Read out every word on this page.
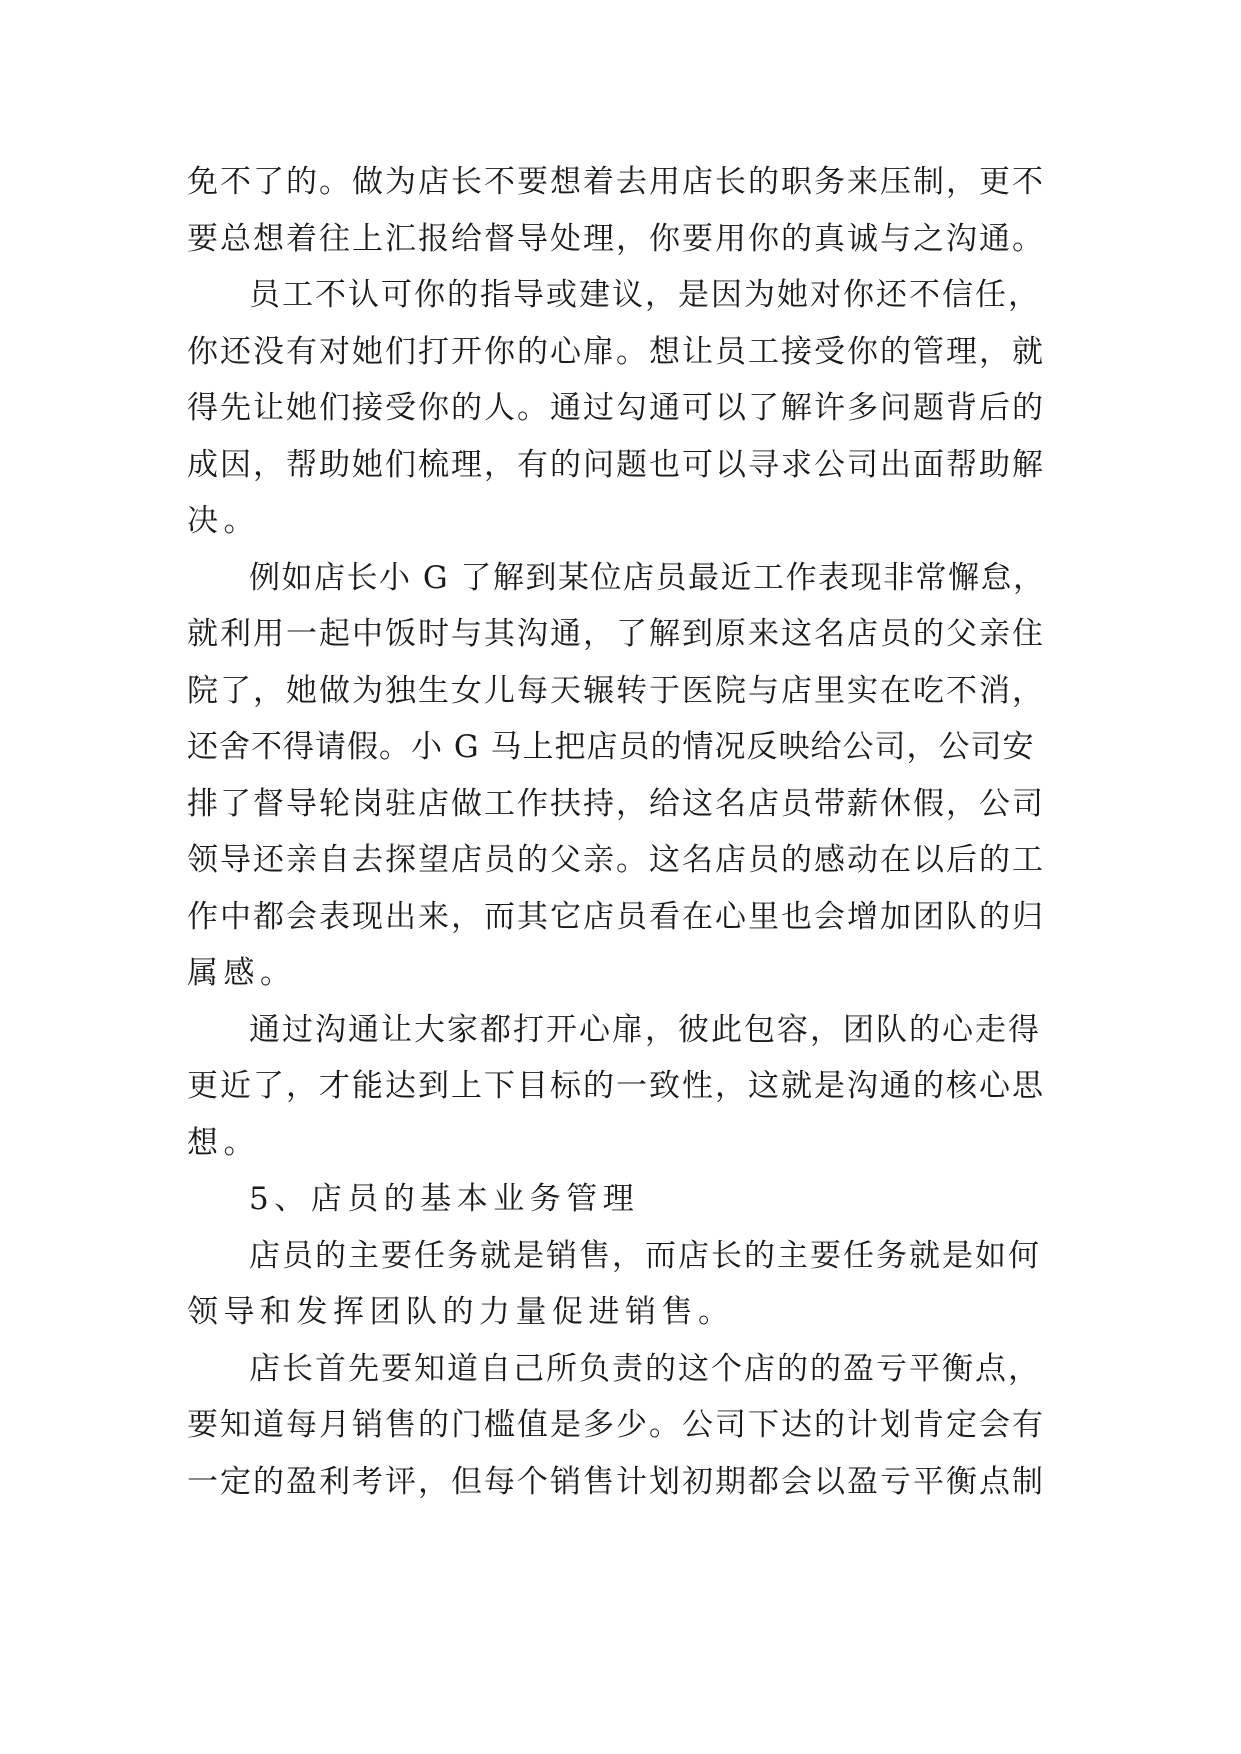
免不了的。做为店长不要想着去用店长的职务来压制，更不
要总想着往上汇报给督导处理，你要用你的真诚与之沟通。
员工不认可你的指导或建议，是因为她对你还不信任，
你还没有对她们打开你的心扉。想让员工接受你的管理，就
得先让她们接受你的人。通过勾通可以了解许多问题背后的
成因，帮助她们梳理，有的问题也可以寻求公司出面帮助解
决。
例如店长小 G 了解到某位店员最近工作表现非常懈怠，
就利用一起中饭时与其沟通，了解到原来这名店员的父亲住
院了，她做为独生女儿每天辗转于医院与店里实在吃不消，
还舍不得请假。小 G 马上把店员的情况反映给公司，公司安
排了督导轮岗驻店做工作扶持，给这名店员带薪休假，公司
领导还亲自去探望店员的父亲。这名店员的感动在以后的工
作中都会表现出来，而其它店员看在心里也会增加团队的归
属感。
通过沟通让大家都打开心扉，彼此包容，团队的心走得
更近了，才能达到上下目标的一致性，这就是沟通的核心思
想。
5、店员的基本业务管理
店员的主要任务就是销售，而店长的主要任务就是如何
领导和发挥团队的力量促进销售。
店长首先要知道自己所负责的这个店的的盈亏平衡点，
要知道每月销售的门槛值是多少。公司下达的计划肯定会有
一定的盈利考评，但每个销售计划初期都会以盈亏平衡点制
